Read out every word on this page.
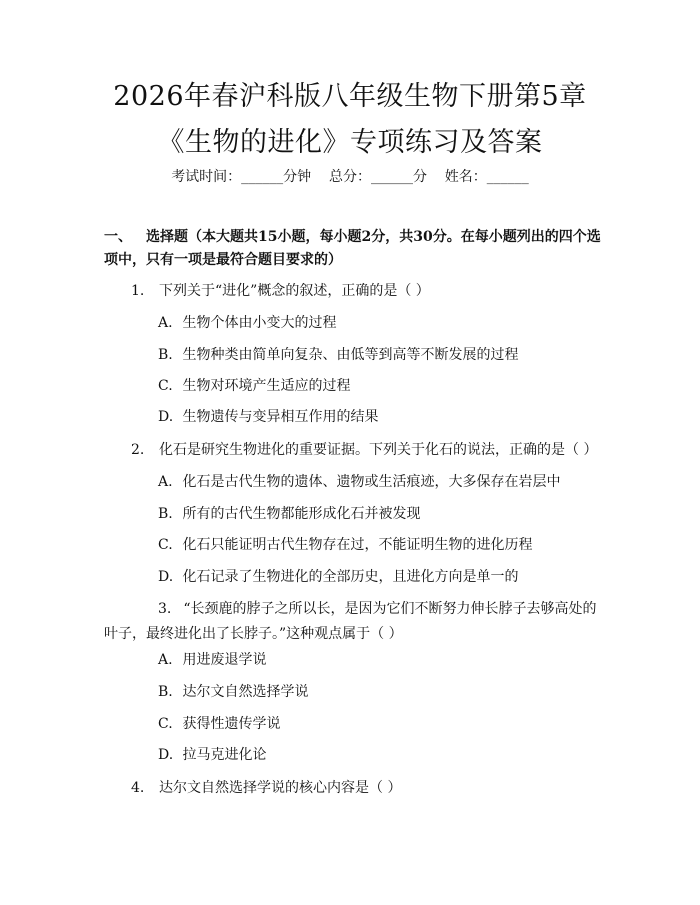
2026年春沪科版八年级生物下册第5章《生物的进化》专项练习及答案
考试时间：______分钟    总分：______分    姓名：______
一、 选择题（本大题共15小题，每小题2分，共30分。在每小题列出的四个选项中，只有一项是最符合题目要求的）
1. 下列关于“进化”概念的叙述，正确的是（ ）
A. 生物个体由小变大的过程
B. 生物种类由简单向复杂、由低等到高等不断发展的过程
C. 生物对环境产生适应的过程
D. 生物遗传与变异相互作用的结果
2. 化石是研究生物进化的重要证据。下列关于化石的说法，正确的是（ ）
A. 化石是古代生物的遗体、遗物或生活痕迹，大多保存在岩层中
B. 所有的古代生物都能形成化石并被发现
C. 化石只能证明古代生物存在过，不能证明生物的进化历程
D. 化石记录了生物进化的全部历史，且进化方向是单一的
3. “长颈鹿的脖子之所以长，是因为它们不断努力伸长脖子去够高处的叶子，最终进化出了长脖子。”这种观点属于（ ）
A. 用进废退学说
B. 达尔文自然选择学说
C. 获得性遗传学说
D. 拉马克进化论
4. 达尔文自然选择学说的核心内容是（ ）
